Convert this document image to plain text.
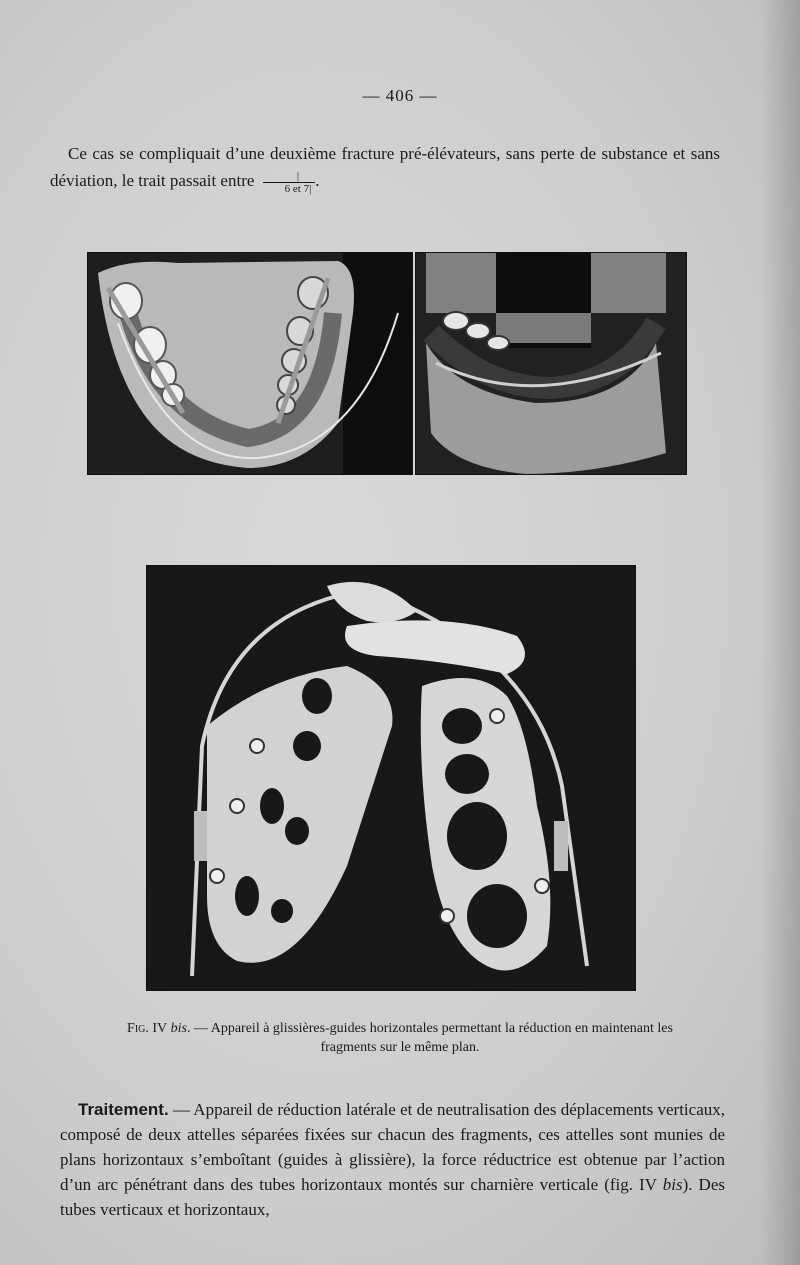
— 406 —

Ce cas se compliquait d’une deuxième fracture pré-élévateurs, sans perte de substance et sans déviation, le trait passait entre $\frac{|}{6 et 7|}$ .

Fig. IV bis. — Appareil à glissières-guides horizontales permettant la réduction en maintenant les fragments sur le même plan.

Traitement. — Appareil de réduction latérale et de neutralisation des déplacements verticaux, composé de deux attelles séparées fixées sur chacun des fragments, ces attelles sont munies de plans horizontaux s’emboîtant (guides à glissière), la force réductrice est obtenue par l’action d’un arc pénétrant dans des tubes horizontaux montés sur charnière verticale (fig. IV bis). Des tubes verticaux et horizontaux,
